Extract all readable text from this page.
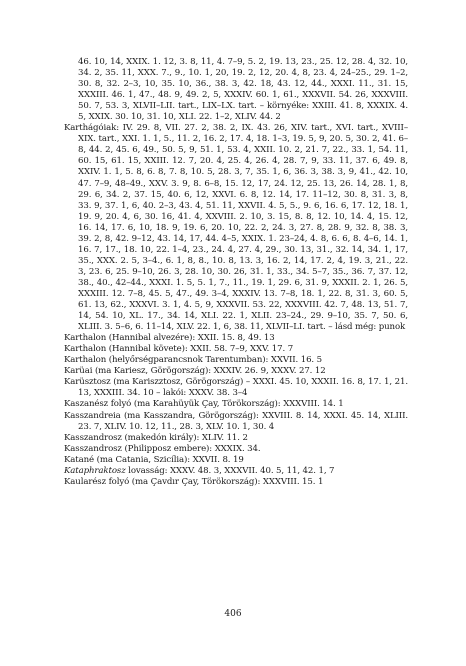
46. 10, 14, XXIX. 1. 12, 3. 8, 11, 4. 7–9, 5. 2, 19. 13, 23., 25. 12, 28. 4, 32. 10, 34. 2, 35. 11, XXX. 7., 9., 10. 1, 20, 19. 2, 12, 20. 4, 8, 23. 4, 24–25., 29. 1–2, 30. 8, 32. 2–3, 10, 35. 10, 36., 38. 3, 42. 18, 43. 12, 44., XXXI. 11., 31. 15, XXXIII. 46. 1, 47., 48. 9, 49. 2, 5, XXXIV. 60. 1, 61., XXXVII. 54. 26, XXXVIII. 50. 7, 53. 3, XLVII–LII. tart., LIX–LX. tart. – környéke: XXIII. 41. 8, XXXIX. 4. 5, XXIX. 30. 10, 31. 10, XLI. 22. 1–2, XLIV. 44. 2

Karthágóiak: IV. 29. 8, VII. 27. 2, 38. 2, IX. 43. 26, XIV. tart., XVI. tart., XVIII–XIX. tart., XXI. 1. 1, 5., 11. 2, 16. 2, 17. 4, 18. 1–3, 19. 5, 9, 20. 5, 30. 2, 41. 6–8, 44. 2, 45. 6, 49., 50. 5, 9, 51. 1, 53. 4, XXII. 10. 2, 21. 7, 22., 33. 1, 54. 11, 60. 15, 61. 15, XXIII. 12. 7, 20. 4, 25. 4, 26. 4, 28. 7, 9, 33. 11, 37. 6, 49. 8, XXIV. 1. 1, 5. 8, 6. 8, 7. 8, 10. 5, 28. 3, 7, 35. 1, 6, 36. 3, 38. 3, 9, 41., 42. 10, 47. 7–9, 48–49., XXV. 3. 9, 8. 6–8, 15. 12, 17, 24. 12, 25. 13, 26. 14, 28. 1, 8, 29. 6, 34. 2, 37. 15, 40. 6, 12, XXVI. 6. 8, 12. 14, 17. 11–12, 30. 8, 31. 3, 8, 33. 9, 37. 1, 6, 40. 2–3, 43. 4, 51. 11, XXVII. 4. 5, 5., 9. 6, 16. 6, 17. 12, 18. 1, 19. 9, 20. 4, 6, 30. 16, 41. 4, XXVIII. 2. 10, 3. 15, 8. 8, 12. 10, 14. 4, 15. 12, 16. 14, 17. 6, 10, 18. 9, 19. 6, 20. 10, 22. 2, 24. 3, 27. 8, 28. 9, 32. 8, 38. 3, 39. 2, 8, 42. 9–12, 43. 14, 17, 44. 4–5, XXIX. 1. 23–24, 4. 8, 6. 6, 8. 4–6, 14. 1, 16. 7, 17., 18. 10, 22. 1–4, 23., 24. 4, 27. 4, 29., 30. 13, 31., 32. 14, 34. 1, 17, 35., XXX. 2. 5, 3–4., 6. 1, 8, 8., 10. 8, 13. 3, 16. 2, 14, 17. 2, 4, 19. 3, 21., 22. 3, 23. 6, 25. 9–10, 26. 3, 28. 10, 30. 26, 31. 1, 33., 34. 5–7, 35., 36. 7, 37. 12, 38., 40., 42–44., XXXI. 1. 5, 5. 1, 7., 11., 19. 1, 29. 6, 31. 9, XXXII. 2. 1, 26. 5, XXXIII. 12. 7–8, 45. 5, 47., 49. 3–4, XXXIV. 13. 7–8, 18. 1, 22. 8, 31. 3, 60. 5, 61. 13, 62., XXXVI. 3. 1, 4. 5, 9, XXXVII. 53. 22, XXXVIII. 42. 7, 48. 13, 51. 7, 14, 54. 10, XL. 17., 34. 14, XLI. 22. 1, XLII. 23–24., 29. 9–10, 35. 7, 50. 6, XLIII. 3. 5–6, 6. 11–14, XLV. 22. 1, 6, 38. 11, XLVII–LI. tart. – lásd még: punok

Karthalon (Hannibal alvezére): XXII. 15. 8, 49. 13

Karthalon (Hannibal követe): XXII. 58. 7–9, XXV. 17. 7

Karthalon (helyőrségparancsnok Tarentumban): XXVII. 16. 5

Karüai (ma Kariesz, Görögország): XXXIV. 26. 9, XXXV. 27. 12

Karüsztosz (ma Kariszztosz, Görögország) – XXXI. 45. 10, XXXII. 16. 8, 17. 1, 21. 13, XXXIII. 34. 10 – lakói: XXXV. 38. 3–4

Kaszanész folyó (ma Karahüyük Çay, Törökország): XXXVIII. 14. 1

Kasszandreia (ma Kasszandra, Görögország): XXVIII. 8. 14, XXXI. 45. 14, XLIII. 23. 7, XLIV. 10. 12, 11., 28. 3, XLV. 10. 1, 30. 4

Kasszandrosz (makedón király): XLIV. 11. 2

Kasszandrosz (Philipposz embere): XXXIX. 34.

Katané (ma Catania, Szicília): XXVII. 8. 19

Kataphraktosz lovasság: XXXV. 48. 3, XXXVII. 40. 5, 11, 42. 1, 7

Kaularész folyó (ma Çavdır Çay, Törökország): XXXVIII. 15. 1

406
